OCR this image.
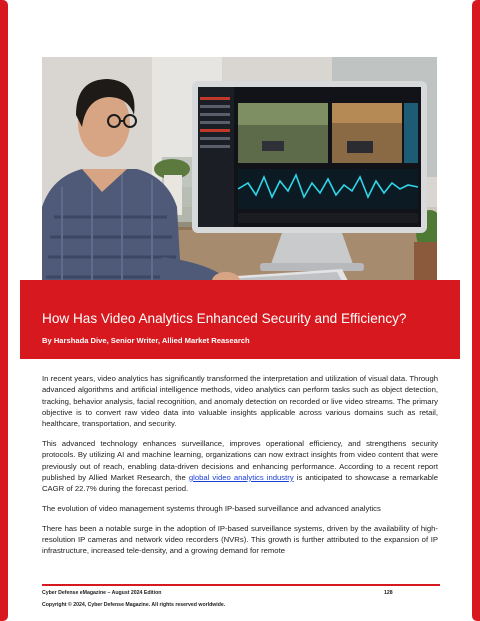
How Has Video Analytics Enhanced Security and Efficiency?

By Harshada Dive, Senior Writer, Allied Market Reasearch

In recent years, video analytics has significantly transformed the interpretation and utilization of visual data. Through advanced algorithms and artificial intelligence methods, video analytics can perform tasks such as object detection, tracking, behavior analysis, facial recognition, and anomaly detection on recorded or live video streams. The primary objective is to convert raw video data into valuable insights applicable across various domains such as retail, healthcare, transportation, and security.

This advanced technology enhances surveillance, improves operational efficiency, and strengthens security protocols. By utilizing AI and machine learning, organizations can now extract insights from video content that were previously out of reach, enabling data-driven decisions and enhancing performance. According to a recent report published by Allied Market Research, the global video analytics industry is anticipated to showcase a remarkable CAGR of 22.7% during the forecast period.

The evolution of video management systems through IP-based surveillance and advanced analytics

There has been a notable surge in the adoption of IP-based surveillance systems, driven by the availability of high-resolution IP cameras and network video recorders (NVRs). This growth is further attributed to the expansion of IP infrastructure, increased tele-density, and a growing demand for remote

Cyber Defense eMagazine – August 2024 Edition	128
Copyright © 2024, Cyber Defense Magazine. All rights reserved worldwide.
